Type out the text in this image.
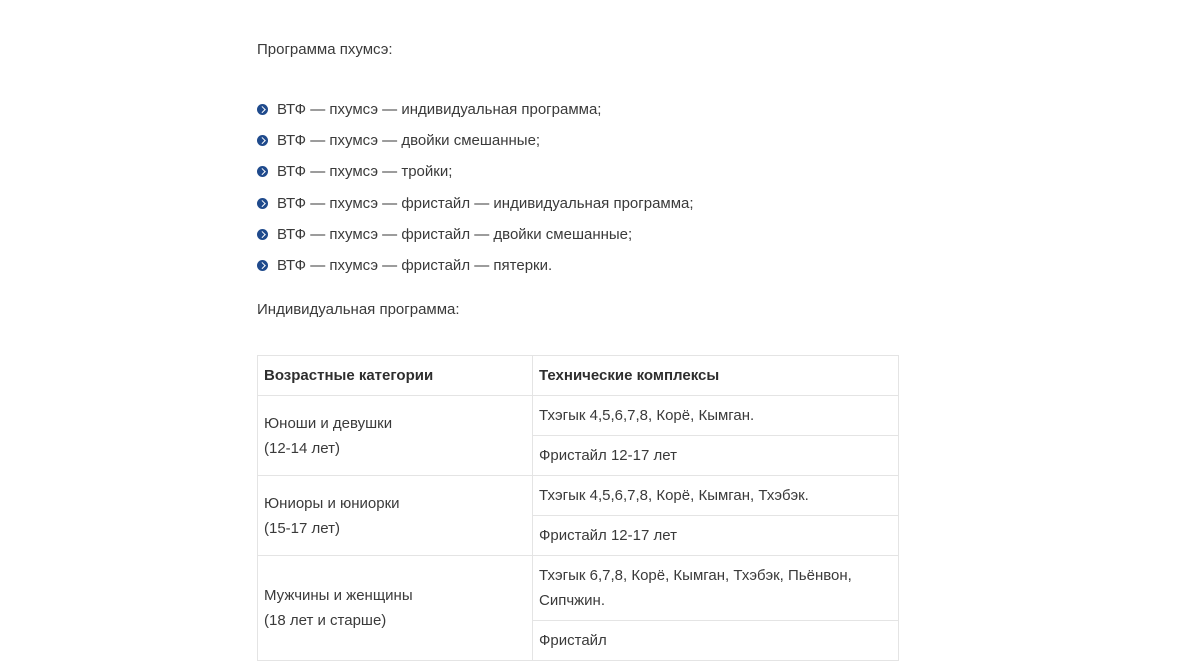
Программа пхумсэ:

ВТФ — пхумсэ — индивидуальная программа;
ВТФ — пхумсэ — двойки смешанные;
ВТФ — пхумсэ — тройки;
ВТФ — пхумсэ — фристайл — индивидуальная программа;
ВТФ — пхумсэ — фристайл — двойки смешанные;
ВТФ — пхумсэ — фристайл — пятерки.

Индивидуальная программа:

Возрастные категории	Технические комплексы

Юноши и девушки
(12-14 лет)	Тхэгык 4,5,6,7,8, Корё, Кымган.
	Фристайл 12-17 лет

Юниоры и юниорки
(15-17 лет)	Тхэгык 4,5,6,7,8, Корё, Кымган, Тхэбэк.
	Фристайл 12-17 лет

Мужчины и женщины
(18 лет и старше)	Тхэгык 6,7,8, Корё, Кымган, Тхэбэк, Пьёнвон, Сипчжин.
	Фристайл
